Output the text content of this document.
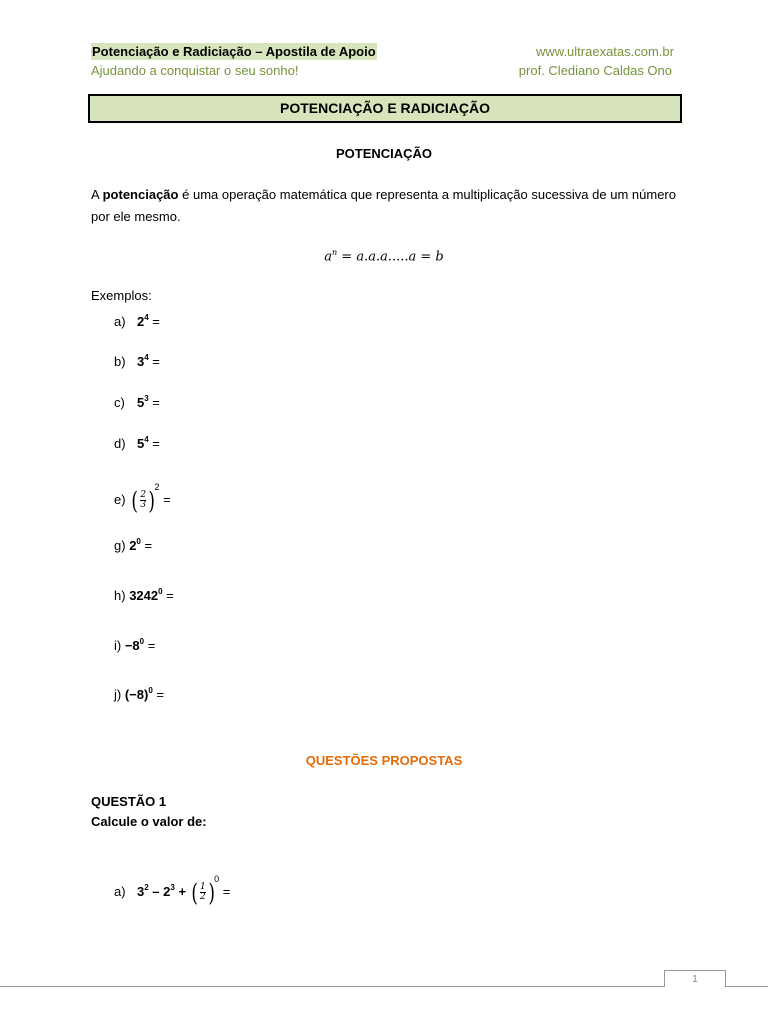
Potenciação e Radiciação – Apostila de Apoio
Ajudando a conquistar o seu sonho!
www.ultraexatas.com.br
prof. Clediano Caldas Ono
POTENCIAÇÃO E RADICIAÇÃO
POTENCIAÇÃO
A potenciação é uma operação matemática que representa a multiplicação sucessiva de um número por ele mesmo.
$a^n = a.a.a.....a = b$
Exemplos:
a) $2^4$ =
b) $3^4$ =
c) $5^3$ =
d) $5^4$ =
e) ( $\frac{2}{3} )^2$ =
g) $2^0$ =
h) $3242^0$ =
$i) -8^0$ =
j) $(-8)^0$ =
QUESTÕES PROPOSTAS
QUESTÃO 1
Calcule o valor de:
a) $3^2 - 2^3$ + ( $\frac{1}{2} )^0$ =
1
